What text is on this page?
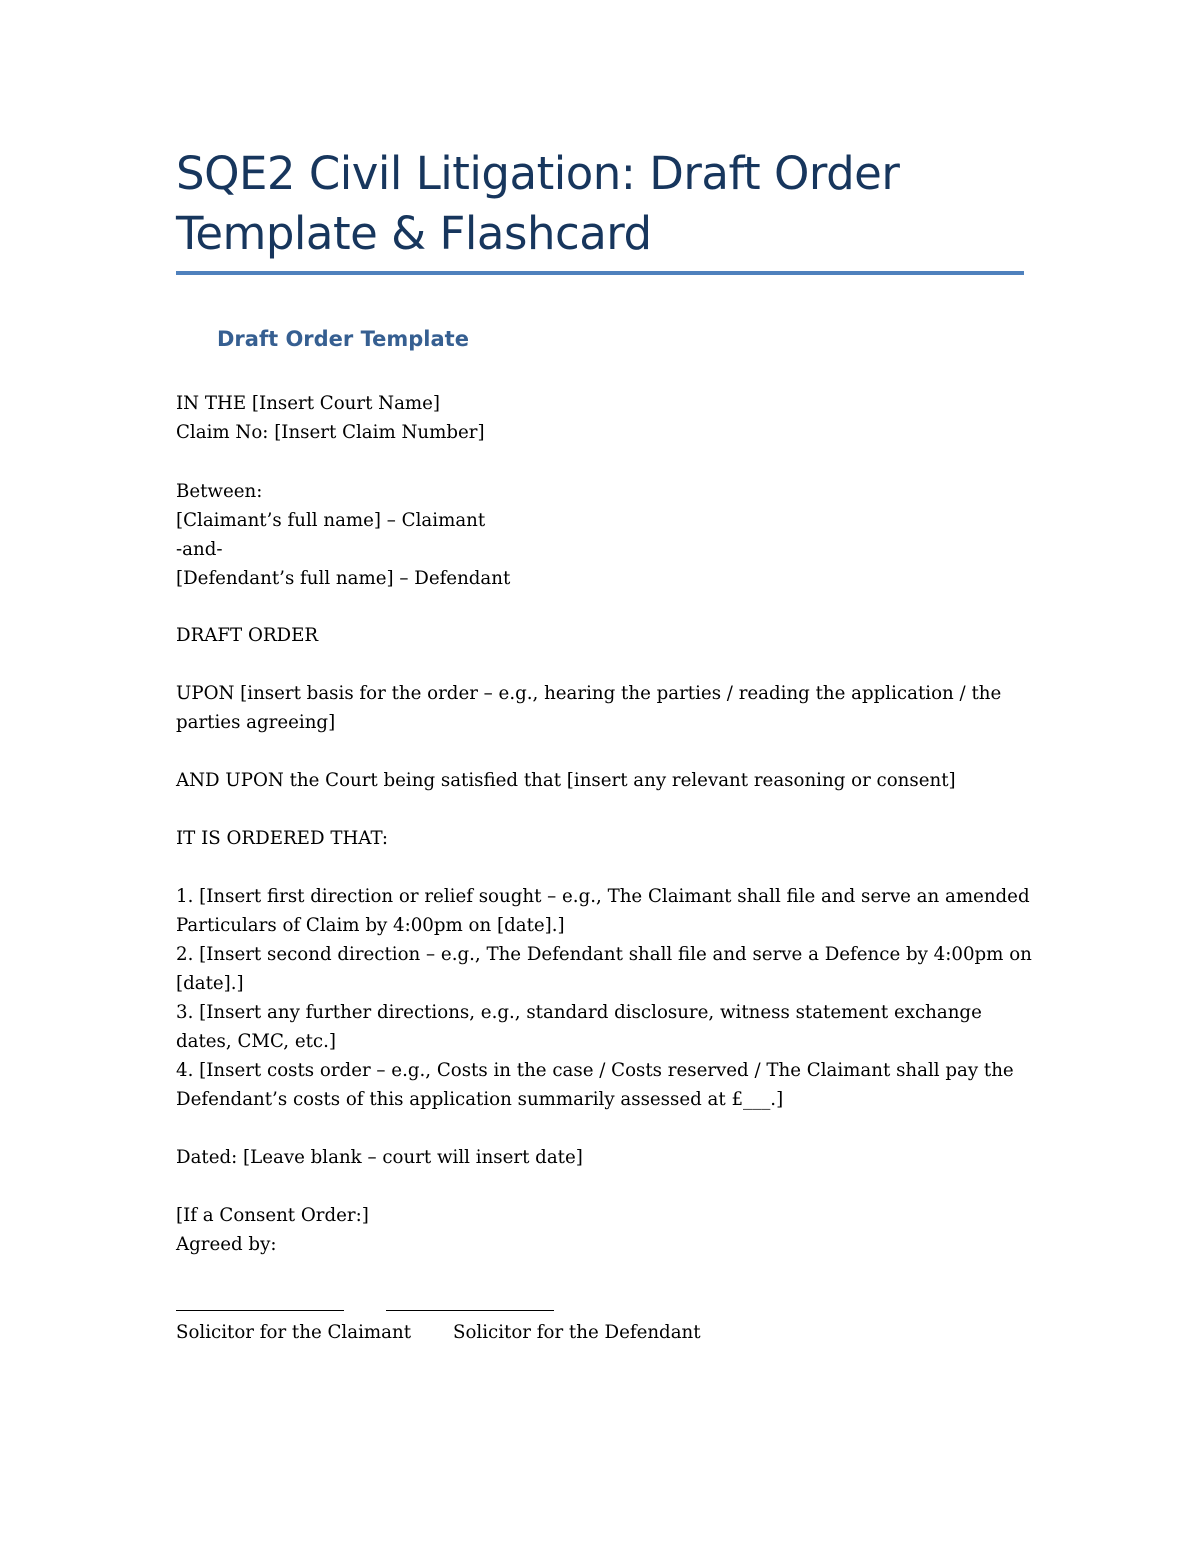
SQE2 Civil Litigation: Draft Order
Template & Flashcard
Draft Order Template
IN THE [Insert Court Name]
Claim No: [Insert Claim Number]
Between:
[Claimant’s full name] – Claimant
-and-
[Defendant’s full name] – Defendant
DRAFT ORDER
UPON [insert basis for the order – e.g., hearing the parties / reading the application / the
parties agreeing]
AND UPON the Court being satisfied that [insert any relevant reasoning or consent]
IT IS ORDERED THAT:
1. [Insert first direction or relief sought – e.g., The Claimant shall file and serve an amended
Particulars of Claim by 4:00pm on [date].]
2. [Insert second direction – e.g., The Defendant shall file and serve a Defence by 4:00pm on
[date].]
3. [Insert any further directions, e.g., standard disclosure, witness statement exchange
dates, CMC, etc.]
4. [Insert costs order – e.g., Costs in the case / Costs reserved / The Claimant shall pay the
Defendant’s costs of this application summarily assessed at £___.]
Dated: [Leave blank – court will insert date]
[If a Consent Order:]
Agreed by:
Solicitor for the Claimant Solicitor for the Defendant
